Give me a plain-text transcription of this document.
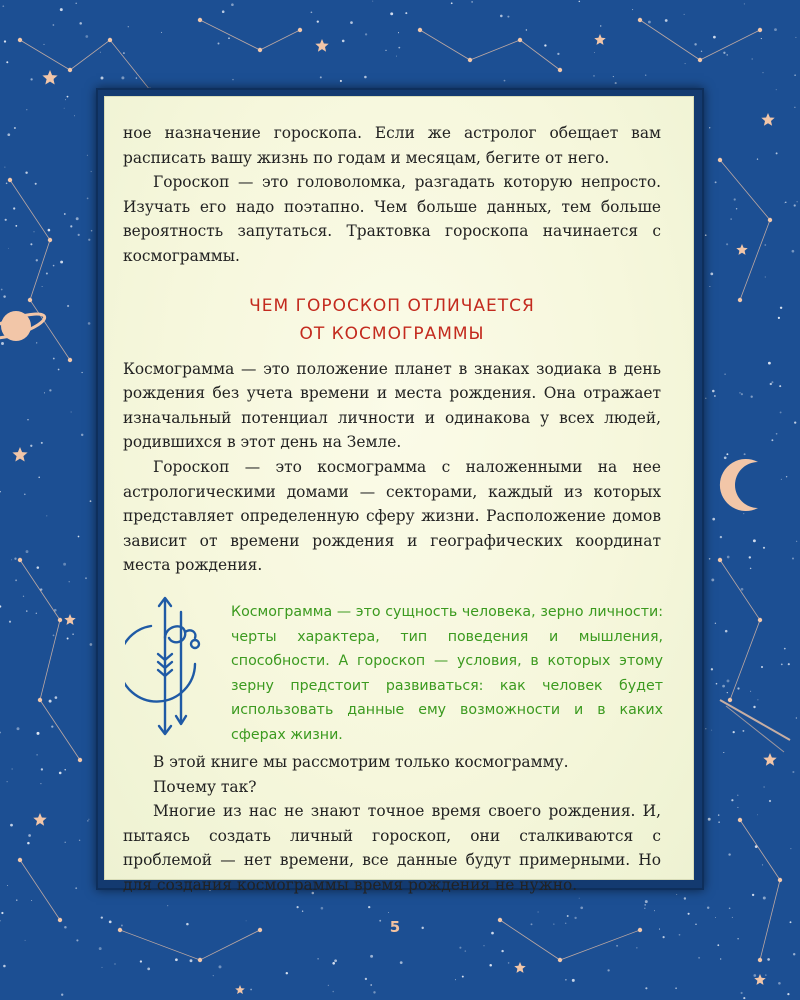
ное назначение гороскопа. Если же астролог обещает вам расписать вашу жизнь по годам и месяцам, бегите от него.

Гороскоп — это головоломка, разгадать которую непросто. Изучать его надо поэтапно. Чем больше данных, тем больше вероятность запутаться. Трактовка гороскопа начинается с космограммы.

ЧЕМ ГОРОСКОП ОТЛИЧАЕТСЯ
ОТ КОСМОГРАММЫ

Космограмма — это положение планет в знаках зодиака в день рождения без учета времени и места рождения. Она отражает изначальный потенциал личности и одинакова у всех людей, родившихся в этот день на Земле.

Гороскоп — это космограмма с наложенными на нее астрологическими домами — секторами, каждый из которых представляет определенную сферу жизни. Расположение домов зависит от времени рождения и географических координат места рождения.

Космограмма — это сущность человека, зерно личности: черты характера, тип поведения и мышления, способности. А гороскоп — условия, в которых этому зерну предстоит развиваться: как человек будет использовать данные ему возможности и в каких сферах жизни.

В этой книге мы рассмотрим только космограмму.

Почему так?

Многие из нас не знают точное время своего рождения. И, пытаясь создать личный гороскоп, они сталкиваются с проблемой — нет времени, все данные будут примерными. Но для создания космограммы время рождения не нужно.

5
